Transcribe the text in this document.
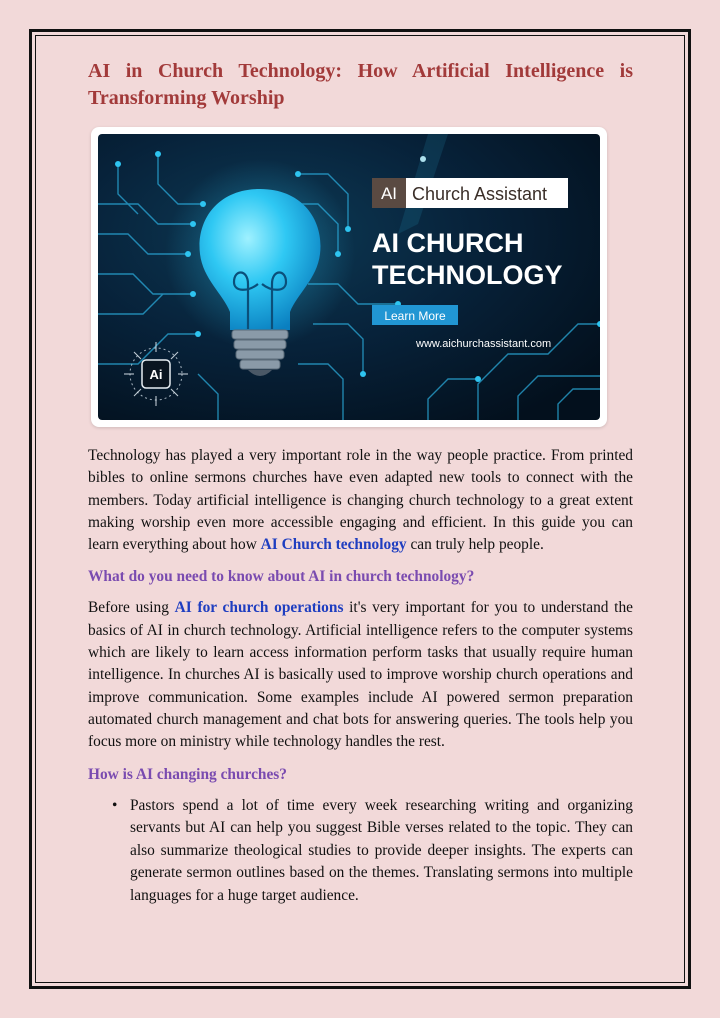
AI in Church Technology: How Artificial Intelligence is Transforming Worship
Ai
AI Church Assistant
AI CHURCH
TECHNOLOGY
Learn More
www.aichurchassistant.com

Technology has played a very important role in the way people practice. From printed bibles to online sermons churches have even adapted new tools to connect with the members. Today artificial intelligence is changing church technology to a great extent making worship even more accessible engaging and efficient. In this guide you can learn everything about how AI Church technology can truly help people.

What do you need to know about AI in church technology?

Before using AI for church operations it's very important for you to understand the basics of AI in church technology. Artificial intelligence refers to the computer systems which are likely to learn access information perform tasks that usually require human intelligence. In churches AI is basically used to improve worship church operations and improve communication. Some examples include AI powered sermon preparation automated church management and chat bots for answering queries. The tools help you focus more on ministry while technology handles the rest.

How is AI changing churches?
• Pastors spend a lot of time every week researching writing and organizing servants but AI can help you suggest Bible verses related to the topic. They can also summarize theological studies to provide deeper insights. The experts can generate sermon outlines based on the themes. Translating sermons into multiple languages for a huge target audience.
